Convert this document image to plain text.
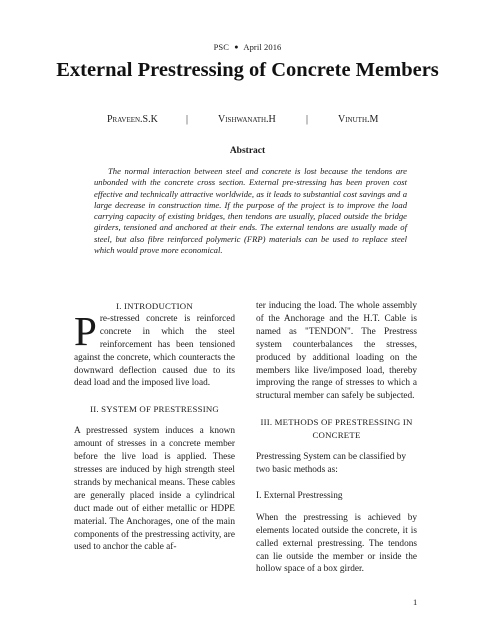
PSC ● April 2016
External Prestressing of Concrete Members
Praveen.S.K	|	Vishwanath.H	|	Vinuth.M
Abstract
The normal interaction between steel and concrete is lost because the tendons are unbonded with the concrete cross section. External pre-stressing has been proven cost effective and technically attractive worldwide, as it leads to substantial cost savings and a large decrease in construction time. If the purpose of the project is to improve the load carrying capacity of existing bridges, then tendons are usually, placed outside the bridge girders, tensioned and anchored at their ends. The external tendons are usually made of steel, but also fibre reinforced polymeric (FRP) materials can be used to replace steel which would prove more economical.

I. INTRODUCTION

Pre-stressed concrete is reinforced concrete in which the steel reinforcement has been tensioned against the concrete, which counteracts the downward deflection caused due to its dead load and the imposed live load.

II. SYSTEM OF PRESTRESSING

A prestressed system induces a known amount of stresses in a concrete member before the live load is applied. These stresses are induced by high strength steel strands by mechanical means. These cables are generally placed inside a cylindrical duct made out of either metallic or HDPE material. The Anchorages, one of the main components of the prestressing activity, are used to anchor the cable af-

ter inducing the load. The whole assembly of the Anchorage and the H.T. Cable is named as "TENDON". The Prestress system counterbalances the stresses, produced by additional loading on the members like live/imposed load, thereby improving the range of stresses to which a structural member can safely be subjected.

III. METHODS OF PRESTRESSING IN CONCRETE

Prestressing System can be classified by two basic methods as:

I. External Prestressing

When the prestressing is achieved by elements located outside the concrete, it is called external prestressing. The tendons can lie outside the member or inside the hollow space of a box girder.

1
